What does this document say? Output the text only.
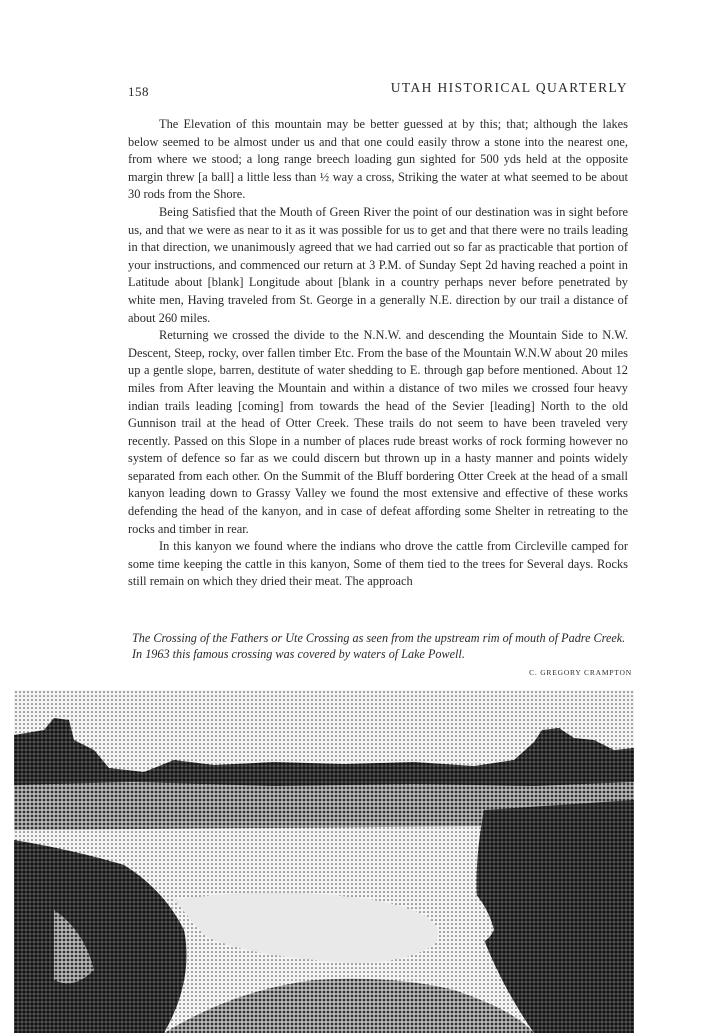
158	UTAH HISTORICAL QUARTERLY

The Elevation of this mountain may be better guessed at by this; that; although the lakes below seemed to be almost under us and that one could easily throw a stone into the nearest one, from where we stood; a long range breech loading gun sighted for 500 yds held at the opposite margin threw [a ball] a little less than ½ way a cross, Striking the water at what seemed to be about 30 rods from the Shore.

Being Satisfied that the Mouth of Green River the point of our destination was in sight before us, and that we were as near to it as it was possible for us to get and that there were no trails leading in that direction, we unanimously agreed that we had carried out so far as practicable that portion of your instructions, and commenced our return at 3 P.M. of Sunday Sept 2d having reached a point in Latitude about [blank] Longitude about [blank in a country perhaps never before penetrated by white men, Having traveled from St. George in a generally N.E. direction by our trail a distance of about 260 miles.

Returning we crossed the divide to the N.N.W. and descending the Mountain Side to N.W. Descent, Steep, rocky, over fallen timber Etc. From the base of the Mountain W.N.W about 20 miles up a gentle slope, barren, destitute of water shedding to E. through gap before mentioned. About 12 miles from After leaving the Mountain and within a distance of two miles we crossed four heavy indian trails leading [coming] from towards the head of the Sevier [leading] North to the old Gunnison trail at the head of Otter Creek. These trails do not seem to have been traveled very recently. Passed on this Slope in a number of places rude breast works of rock forming however no system of defence so far as we could discern but thrown up in a hasty manner and points widely separated from each other. On the Summit of the Bluff bordering Otter Creek at the head of a small kanyon leading down to Grassy Valley we found the most extensive and effective of these works defending the head of the kanyon, and in case of defeat affording some Shelter in retreating to the rocks and timber in rear.

In this kanyon we found where the indians who drove the cattle from Circleville camped for some time keeping the cattle in this kanyon, Some of them tied to the trees for Several days. Rocks still remain on which they dried their meat. The approach

The Crossing of the Fathers or Ute Crossing as seen from the upstream rim of mouth of Padre Creek. In 1963 this famous crossing was covered by waters of Lake Powell.
C. GREGORY CRAMPTON
